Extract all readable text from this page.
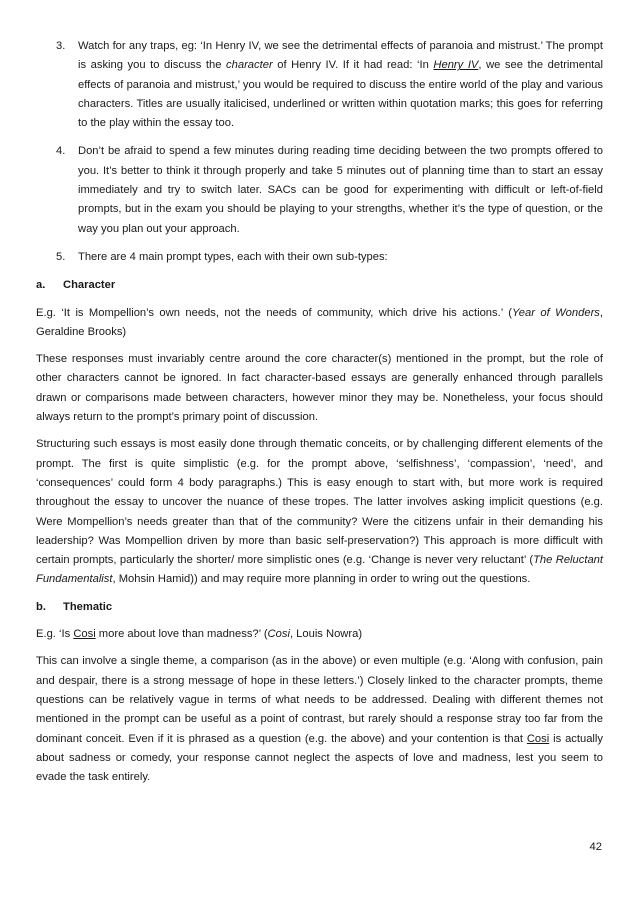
3. Watch for any traps, eg: ‘In Henry IV, we see the detrimental effects of paranoia and mistrust.’ The prompt is asking you to discuss the character of Henry IV. If it had read: ‘In Henry IV, we see the detrimental effects of paranoia and mistrust,’ you would be required to discuss the entire world of the play and various characters. Titles are usually italicised, underlined or written within quotation marks; this goes for referring to the play within the essay too.
4. Don’t be afraid to spend a few minutes during reading time deciding between the two prompts offered to you. It’s better to think it through properly and take 5 minutes out of planning time than to start an essay immediately and try to switch later. SACs can be good for experimenting with difficult or left-of-field prompts, but in the exam you should be playing to your strengths, whether it’s the type of question, or the way you plan out your approach.
5. There are 4 main prompt types, each with their own sub-types:
a. Character

E.g. ‘It is Mompellion’s own needs, not the needs of community, which drive his actions.’ (Year of Wonders, Geraldine Brooks)

These responses must invariably centre around the core character(s) mentioned in the prompt, but the role of other characters cannot be ignored. In fact character-based essays are generally enhanced through parallels drawn or comparisons made between characters, however minor they may be. Nonetheless, your focus should always return to the prompt’s primary point of discussion.

Structuring such essays is most easily done through thematic conceits, or by challenging different elements of the prompt. The first is quite simplistic (e.g. for the prompt above, ‘selfishness’, ‘compassion’, ‘need’, and ‘consequences’ could form 4 body paragraphs.) This is easy enough to start with, but more work is required throughout the essay to uncover the nuance of these tropes. The latter involves asking implicit questions (e.g. Were Mompellion’s needs greater than that of the community? Were the citizens unfair in their demanding his leadership? Was Mompellion driven by more than basic self-preservation?) This approach is more difficult with certain prompts, particularly the shorter/ more simplistic ones (e.g. ‘Change is never very reluctant’ (The Reluctant Fundamentalist, Mohsin Hamid)) and may require more planning in order to wring out the questions.

b. Thematic

E.g. ‘Is Cosi more about love than madness?’ (Cosi, Louis Nowra)

This can involve a single theme, a comparison (as in the above) or even multiple (e.g. ‘Along with confusion, pain and despair, there is a strong message of hope in these letters.’) Closely linked to the character prompts, theme questions can be relatively vague in terms of what needs to be addressed. Dealing with different themes not mentioned in the prompt can be useful as a point of contrast, but rarely should a response stray too far from the dominant conceit. Even if it is phrased as a question (e.g. the above) and your contention is that Cosi is actually about sadness or comedy, your response cannot neglect the aspects of love and madness, lest you seem to evade the task entirely.

42
